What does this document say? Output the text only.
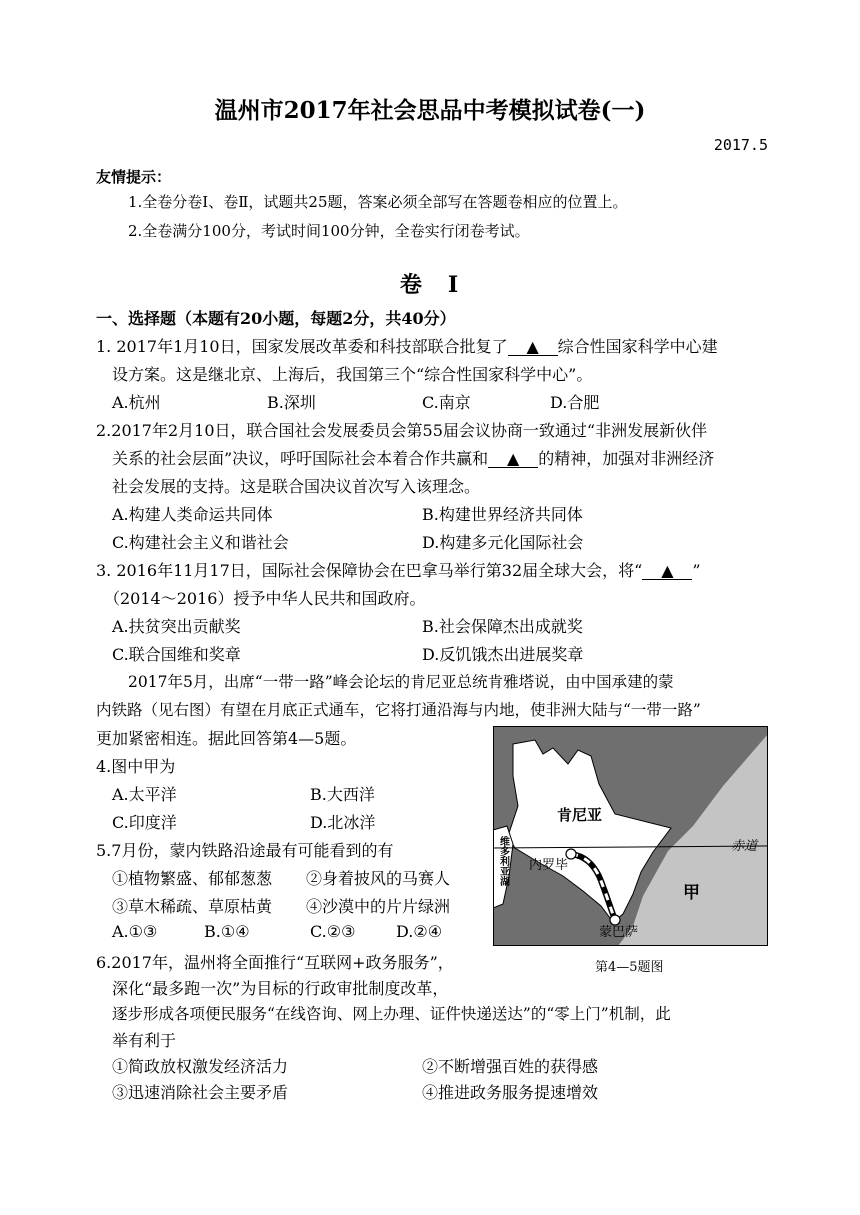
温州市2017年社会思品中考模拟试卷(一)
2017.5
友情提示：
1.全卷分卷Ⅰ、卷Ⅱ，试题共25题，答案必须全部写在答题卷相应的位置上。
2.全卷满分100分，考试时间100分钟，全卷实行闭卷考试。
卷　Ⅰ
一、选择题（本题有20小题，每题2分，共40分）
1. 2017年1月10日，国家发展改革委和科技部联合批复了 ▲ 综合性国家科学中心建
设方案。这是继北京、上海后，我国第三个“综合性国家科学中心”。
A.杭州	B.深圳	C.南京	D.合肥
2.2017年2月10日，联合国社会发展委员会第55届会议协商一致通过“非洲发展新伙伴
关系的社会层面”决议，呼吁国际社会本着合作共赢和 ▲ 的精神，加强对非洲经济
社会发展的支持。这是联合国决议首次写入该理念。
A.构建人类命运共同体	B.构建世界经济共同体
C.构建社会主义和谐社会	D.构建多元化国际社会
3. 2016年11月17日，国际社会保障协会在巴拿马举行第32届全球大会，将“ ▲ ”
（2014～2016）授予中华人民共和国政府。
A.扶贫突出贡献奖	B.社会保障杰出成就奖
C.联合国维和奖章	D.反饥饿杰出进展奖章
2017年5月，出席“一带一路”峰会论坛的肯尼亚总统肯雅塔说，由中国承建的蒙
内铁路（见右图）有望在月底正式通车，它将打通沿海与内地，使非洲大陆与“一带一路”
更加紧密相连。据此回答第4—5题。
4.图中甲为
A.太平洋	B.大西洋
C.印度洋	D.北冰洋
5.7月份，蒙内铁路沿途最有可能看到的有
①植物繁盛、郁郁葱葱 ②身着披风的马赛人
③草木稀疏、草原枯黄 ④沙漠中的片片绿洲
A.①③	B.①④	C.②③	D.②④
6.2017年，温州将全面推行“互联网+政务服务”，
深化“最多跑一次”为目标的行政审批制度改革，
逐步形成各项便民服务“在线咨询、网上办理、证件快递送达”的“零上门”机制，此
举有利于
①简政放权激发经济活力	②不断增强百姓的获得感
③迅速消除社会主要矛盾	④推进政务服务提速增效
肯尼亚
内罗毕
蒙巴萨
赤道
甲
维多利亚湖
第4—5题图
